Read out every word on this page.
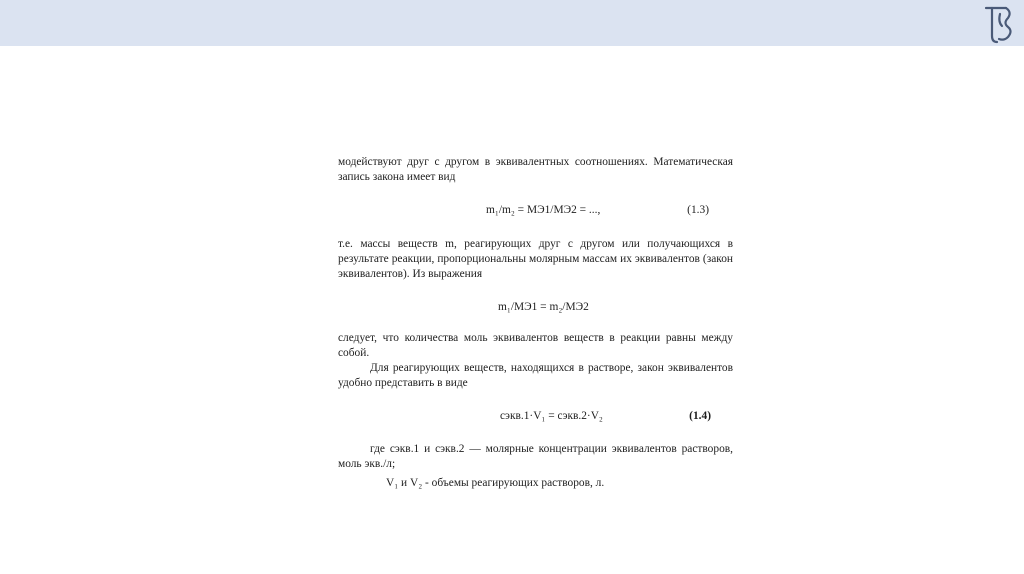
модействуют друг с другом в эквивалентных соотношениях. Математическая запись закона имеет вид

m₁/m₂ = MЭ1/MЭ2 = ...,	(1.3)

т.е. массы веществ m, реагирующих друг с другом или получающихся в результате реакции, пропорциональны молярным массам их эквивалентов (закон эквивалентов). Из выражения

m₁/MЭ1 = m₂/MЭ2

следует, что количества моль эквивалентов веществ в реакции равны между собой.

Для реагирующих веществ, находящихся в растворе, закон эквивалентов удобно представить в виде

cэкв.1·V₁ = cэкв.2·V₂	(1.4)

где cэкв.1 и cэкв.2 — молярные концентрации эквивалентов растворов, моль экв./л;

V₁ и V₂ - объемы реагирующих растворов, л.
